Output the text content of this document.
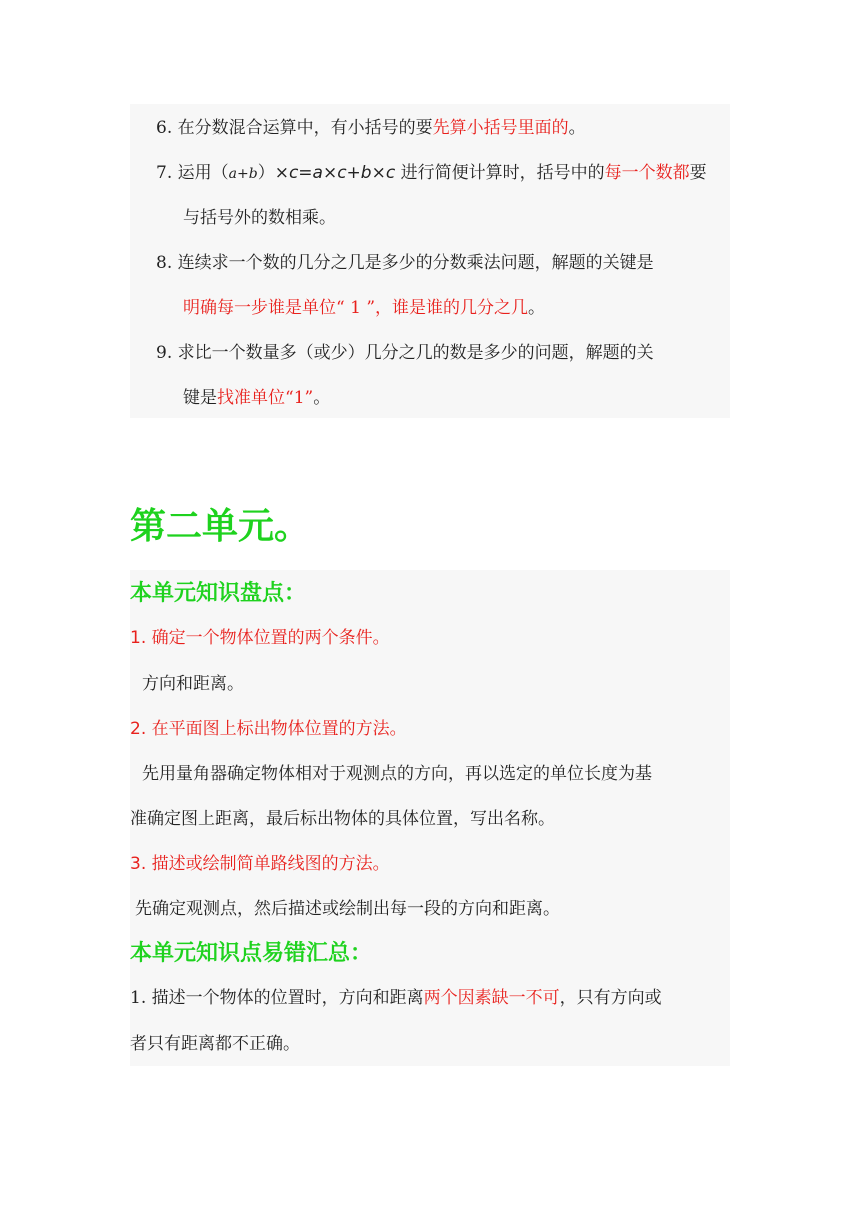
6. 在分数混合运算中，有小括号的要先算小括号里面的。
7. 运用（a+b）×c=a×c+b×c 进行简便计算时，括号中的每一个数都要
与括号外的数相乘。
8. 连续求一个数的几分之几是多少的分数乘法问题，解题的关键是
明确每一步谁是单位“ 1 ”，谁是谁的几分之几。
9. 求比一个数量多（或少）几分之几的数是多少的问题，解题的关
键是找准单位“1”。
第二单元。
本单元知识盘点：
1. 确定一个物体位置的两个条件。
方向和距离。
2. 在平面图上标出物体位置的方法。
先用量角器确定物体相对于观测点的方向，再以选定的单位长度为基
准确定图上距离，最后标出物体的具体位置，写出名称。
3. 描述或绘制简单路线图的方法。
先确定观测点，然后描述或绘制出每一段的方向和距离。
本单元知识点易错汇总：
1. 描述一个物体的位置时，方向和距离两个因素缺一不可，只有方向或
者只有距离都不正确。
